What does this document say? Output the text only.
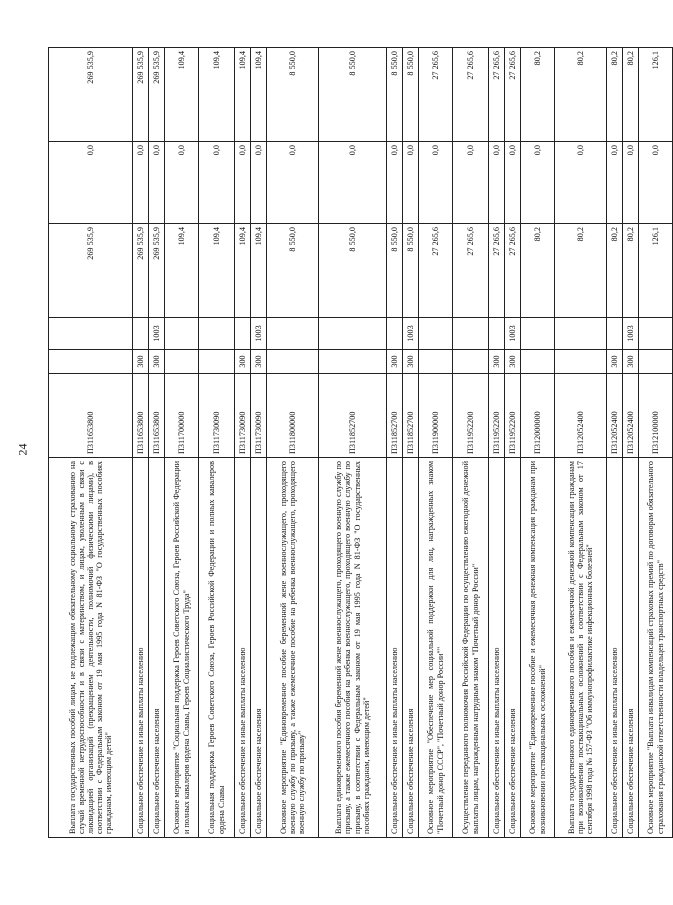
24
Выплата государственных пособий лицам, не подлежащим обязательному социальному страхованию на случай временной нетрудоспособности и в связи с материнством, и лицам, уволенным в связи с ликвидацией организаций (прекращением деятельности, полномочий физическими лицами), в соответствии с Федеральным законом от 19 мая 1995 года N 81-ФЗ "О государственных пособиях гражданам, имеющим детей"	П311653800			269 535,9	0,0	269 535,9
Социальное обеспечение и иные выплаты населению	П311653800	300		269 535,9	0,0	269 535,9
Социальное обеспечение населения	П311653800	300	1003	269 535,9	0,0	269 535,9
Основное мероприятие "Социальная поддержка Героев Советского Союза, Героев Российской Федерации и полных кавалеров ордена Славы, Героев Социалистического Труда"	П311700000			109,4	0,0	109,4
Социальная поддержка Героев Советского Союза, Героев Российской Федерации и полных кавалеров ордена Славы	П311730090			109,4	0,0	109,4
Социальное обеспечение и иные выплаты населению	П311730090	300		109,4	0,0	109,4
Социальное обеспечение населения	П311730090	300	1003	109,4	0,0	109,4
Основное мероприятие "Единовременное пособие беременной жене военнослужащего, проходящего военную службу по призыву, а также ежемесячное пособие на ребенка военнослужащего, проходящего военную службу по призыву"	П311800000			8 550,0	0,0	8 550,0
Выплата единовременного пособия беременной жене военнослужащего, проходящего военную службу по призыву, а также ежемесячного пособия на ребенка военнослужащего, проходящего военную службу по призыву, в соответствии с Федеральным законом от 19 мая 1995 года N 81-ФЗ "О государственных пособиях гражданам, имеющим детей"	П311852700			8 550,0	0,0	8 550,0
Социальное обеспечение и иные выплаты населению	П311852700	300		8 550,0	0,0	8 550,0
Социальное обеспечение населения	П311852700	300	1003	8 550,0	0,0	8 550,0
Основное мероприятие "Обеспечение мер социальной поддержки для лиц, награжденных знаком "Почетный донор СССР", "Почетный донор России""	П311900000			27 265,6	0,0	27 265,6
Осуществление переданного полномочия Российской Федерации по осуществлению ежегодной денежной выплаты лицам, награжденным нагрудным знаком "Почетный донор России"	П311952200			27 265,6	0,0	27 265,6
Социальное обеспечение и иные выплаты населению	П311952200	300		27 265,6	0,0	27 265,6
Социальное обеспечение населения	П311952200	300	1003	27 265,6	0,0	27 265,6
Основное мероприятие "Единовременное пособие и ежемесячная денежная компенсация гражданам при возникновении поствакцинальных осложнений"	П312000000			80,2	0,0	80,2
Выплата государственного единовременного пособия и ежемесячной денежной компенсации гражданам при возникновении поствакцинальных осложнений в соответствии с Федеральным законом от 17 сентября 1998 года № 157-ФЗ "Об иммунопрофилактике инфекционных болезней"	П312052400			80,2	0,0	80,2
Социальное обеспечение и иные выплаты населению	П312052400	300		80,2	0,0	80,2
Социальное обеспечение населения	П312052400	300	1003	80,2	0,0	80,2
Основное мероприятие "Выплата инвалидам компенсаций страховых премий по договорам обязательного страхования гражданской ответственности владельцев транспортных средств"	П312100000			126,1	0,0	126,1
